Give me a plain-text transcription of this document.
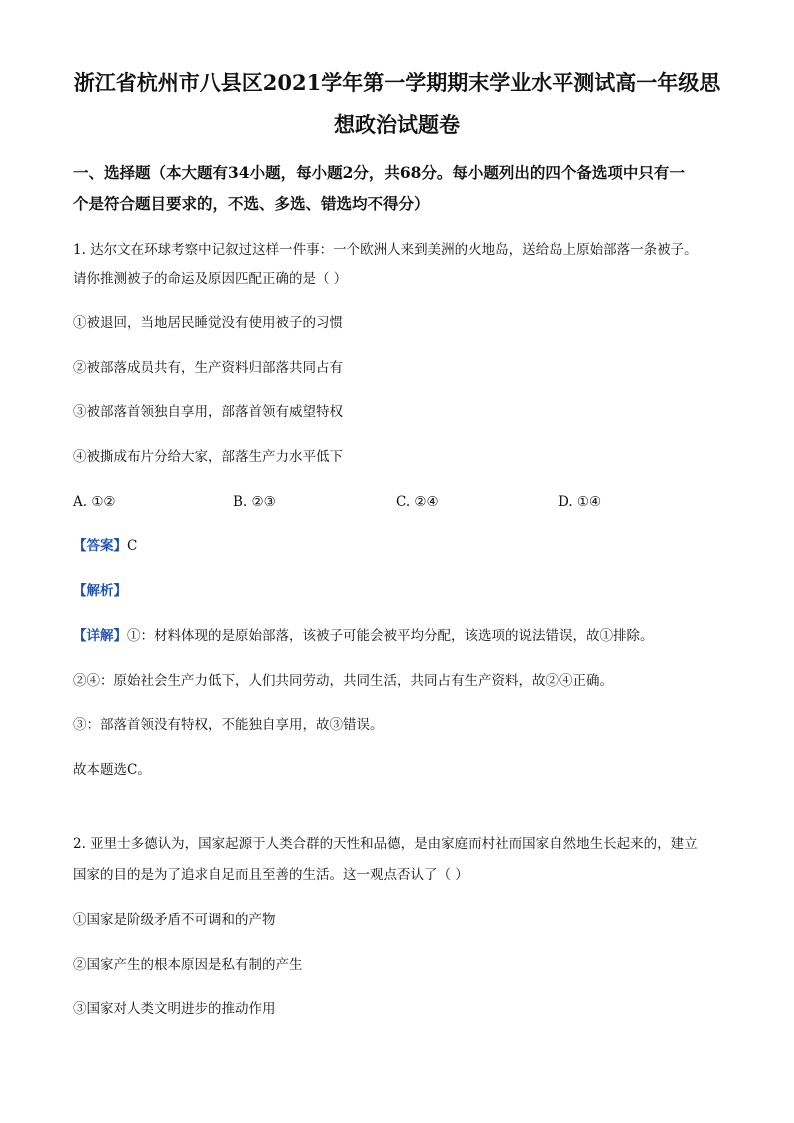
浙江省杭州市八县区2021学年第一学期期末学业水平测试高一年级思
想政治试题卷
一、选择题（本大题有34小题，每小题2分，共68分。每小题列出的四个备选项中只有一
个是符合题目要求的，不选、多选、错选均不得分）
1. 达尔文在环球考察中记叙过这样一件事：一个欧洲人来到美洲的火地岛，送给岛上原始部落一条被子。
请你推测被子的命运及原因匹配正确的是（ ）
①被退回，当地居民睡觉没有使用被子的习惯
②被部落成员共有，生产资料归部落共同占有
③被部落首领独自享用，部落首领有威望特权
④被撕成布片分给大家，部落生产力水平低下
A. ①②	B. ②③	C. ②④	D. ①④
【答案】C
【解析】
【详解】①：材料体现的是原始部落，该被子可能会被平均分配，该选项的说法错误，故①排除。
②④：原始社会生产力低下，人们共同劳动，共同生活，共同占有生产资料，故②④正确。
③：部落首领没有特权，不能独自享用，故③错误。
故本题选C。
2. 亚里士多德认为，国家起源于人类合群的天性和品德，是由家庭而村社而国家自然地生长起来的，建立
国家的目的是为了追求自足而且至善的生活。这一观点否认了（ ）
①国家是阶级矛盾不可调和的产物
②国家产生的根本原因是私有制的产生
③国家对人类文明进步的推动作用
